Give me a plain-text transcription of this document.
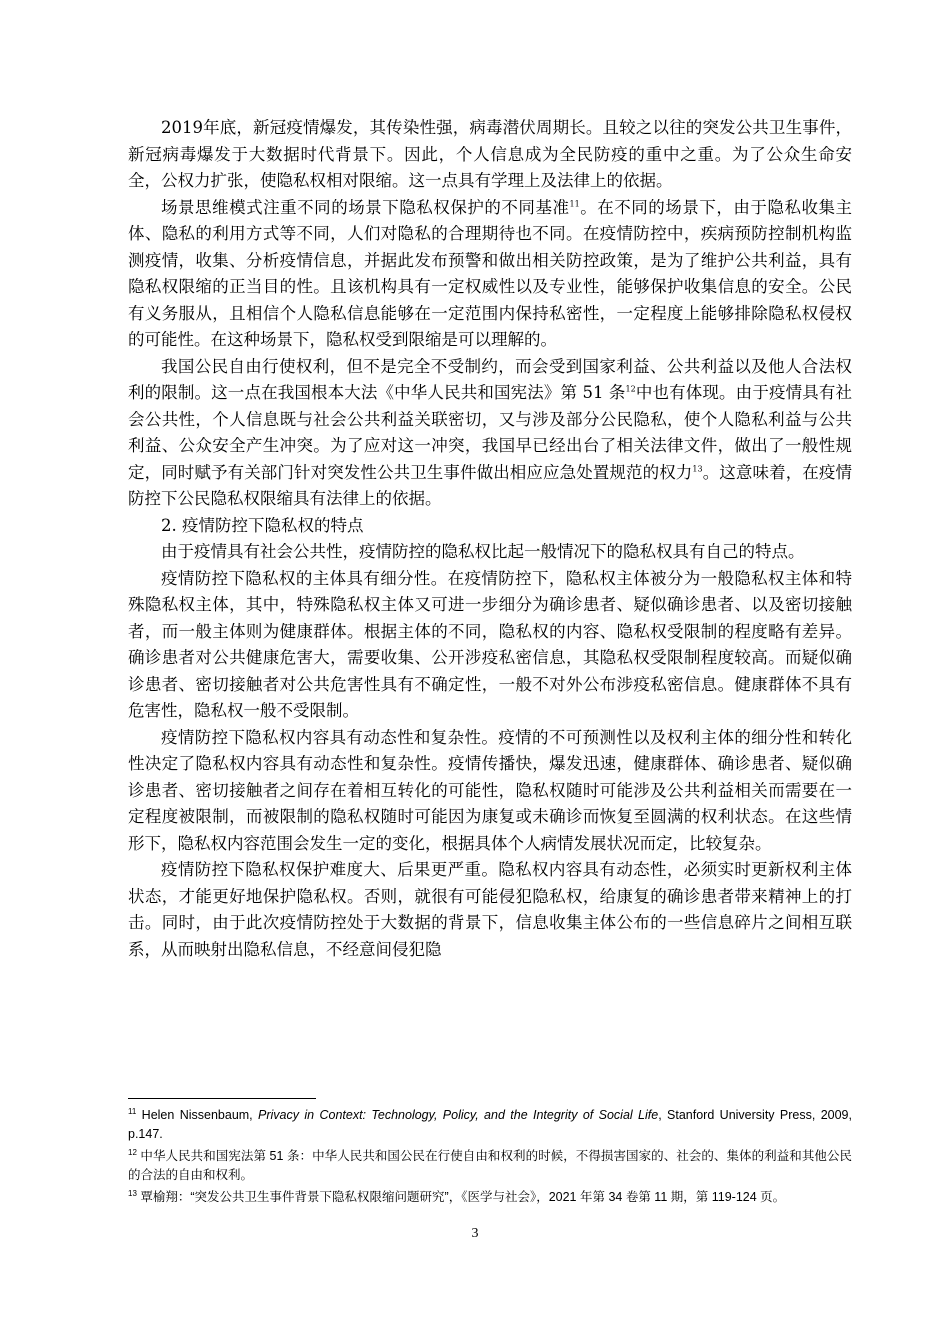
2019年底，新冠疫情爆发，其传染性强，病毒潜伏周期长。且较之以往的突发公共卫生事件，新冠病毒爆发于大数据时代背景下。因此，个人信息成为全民防疫的重中之重。为了公众生命安全，公权力扩张，使隐私权相对限缩。这一点具有学理上及法律上的依据。

场景思维模式注重不同的场景下隐私权保护的不同基准$^{11}$。在不同的场景下，由于隐私收集主体、隐私的利用方式等不同，人们对隐私的合理期待也不同。在疫情防控中，疾病预防控制机构监测疫情，收集、分析疫情信息，并据此发布预警和做出相关防控政策，是为了维护公共利益，具有隐私权限缩的正当目的性。且该机构具有一定权威性以及专业性，能够保护收集信息的安全。公民有义务服从，且相信个人隐私信息能够在一定范围内保持私密性，一定程度上能够排除隐私权侵权的可能性。在这种场景下，隐私权受到限缩是可以理解的。

我国公民自由行使权利，但不是完全不受制约，而会受到国家利益、公共利益以及他人合法权利的限制。这一点在我国根本大法《中华人民共和国宪法》第 51 条$^{12}$中也有体现。由于疫情具有社会公共性，个人信息既与社会公共利益关联密切，又与涉及部分公民隐私，使个人隐私利益与公共利益、公众安全产生冲突。为了应对这一冲突，我国早已经出台了相关法律文件，做出了一般性规定，同时赋予有关部门针对突发性公共卫生事件做出相应应急处置规范的权力$^{13}$。这意味着，在疫情防控下公民隐私权限缩具有法律上的依据。

2. 疫情防控下隐私权的特点

由于疫情具有社会公共性，疫情防控的隐私权比起一般情况下的隐私权具有自己的特点。

疫情防控下隐私权的主体具有细分性。在疫情防控下，隐私权主体被分为一般隐私权主体和特殊隐私权主体，其中，特殊隐私权主体又可进一步细分为确诊患者、疑似确诊患者、以及密切接触者，而一般主体则为健康群体。根据主体的不同，隐私权的内容、隐私权受限制的程度略有差异。确诊患者对公共健康危害大，需要收集、公开涉疫私密信息，其隐私权受限制程度较高。而疑似确诊患者、密切接触者对公共危害性具有不确定性，一般不对外公布涉疫私密信息。健康群体不具有危害性，隐私权一般不受限制。

疫情防控下隐私权内容具有动态性和复杂性。疫情的不可预测性以及权利主体的细分性和转化性决定了隐私权内容具有动态性和复杂性。疫情传播快，爆发迅速，健康群体、确诊患者、疑似确诊患者、密切接触者之间存在着相互转化的可能性，隐私权随时可能涉及公共利益相关而需要在一定程度被限制，而被限制的隐私权随时可能因为康复或未确诊而恢复至圆满的权利状态。在这些情形下，隐私权内容范围会发生一定的变化，根据具体个人病情发展状况而定，比较复杂。

疫情防控下隐私权保护难度大、后果更严重。隐私权内容具有动态性，必须实时更新权利主体状态，才能更好地保护隐私权。否则，就很有可能侵犯隐私权，给康复的确诊患者带来精神上的打击。同时，由于此次疫情防控处于大数据的背景下，信息收集主体公布的一些信息碎片之间相互联系，从而映射出隐私信息，不经意间侵犯隐

$^{11}$ Helen Nissenbaum, Privacy in Context: Technology, Policy, and the Integrity of Social Life, Stanford University Press, 2009, p.147.

$^{12}$ 中华人民共和国宪法第 51 条：中华人民共和国公民在行使自由和权利的时候，不得损害国家的、社会的、集体的利益和其他公民的合法的自由和权利。

$^{13}$ 覃榆翔：“突发公共卫生事件背景下隐私权限缩问题研究”，《医学与社会》，2021 年第 34 卷第 11 期，第 119-124 页。

3
